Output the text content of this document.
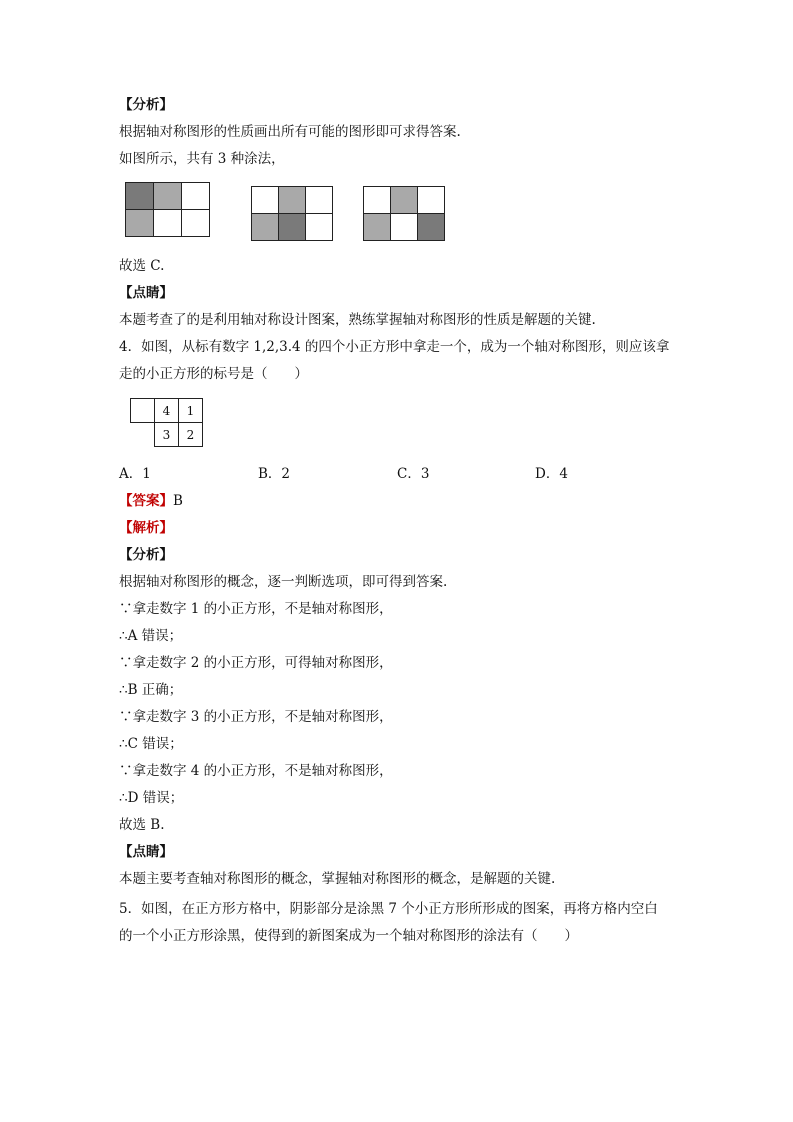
【分析】
根据轴对称图形的性质画出所有可能的图形即可求得答案.
如图所示，共有 3 种涂法，

故选 C.
【点睛】
本题考查了的是利用轴对称设计图案，熟练掌握轴对称图形的性质是解题的关键.
4．如图，从标有数字 1,2,3.4 的四个小正方形中拿走一个，成为一个轴对称图形，则应该拿
走的小正方形的标号是（　　）
	4	1
	3	2
A．1	B．2	C．3	D．4
【答案】B
【解析】
【分析】
根据轴对称图形的概念，逐一判断选项，即可得到答案.
∵拿走数字 1 的小正方形，不是轴对称图形，
∴A 错误；
∵拿走数字 2 的小正方形，可得轴对称图形，
∴B 正确；
∵拿走数字 3 的小正方形，不是轴对称图形，
∴C 错误；
∵拿走数字 4 的小正方形，不是轴对称图形，
∴D 错误；
故选 B.
【点睛】
本题主要考查轴对称图形的概念，掌握轴对称图形的概念，是解题的关键.
5．如图，在正方形方格中，阴影部分是涂黑 7 个小正方形所形成的图案，再将方格内空白
的一个小正方形涂黑，使得到的新图案成为一个轴对称图形的涂法有（　　）
